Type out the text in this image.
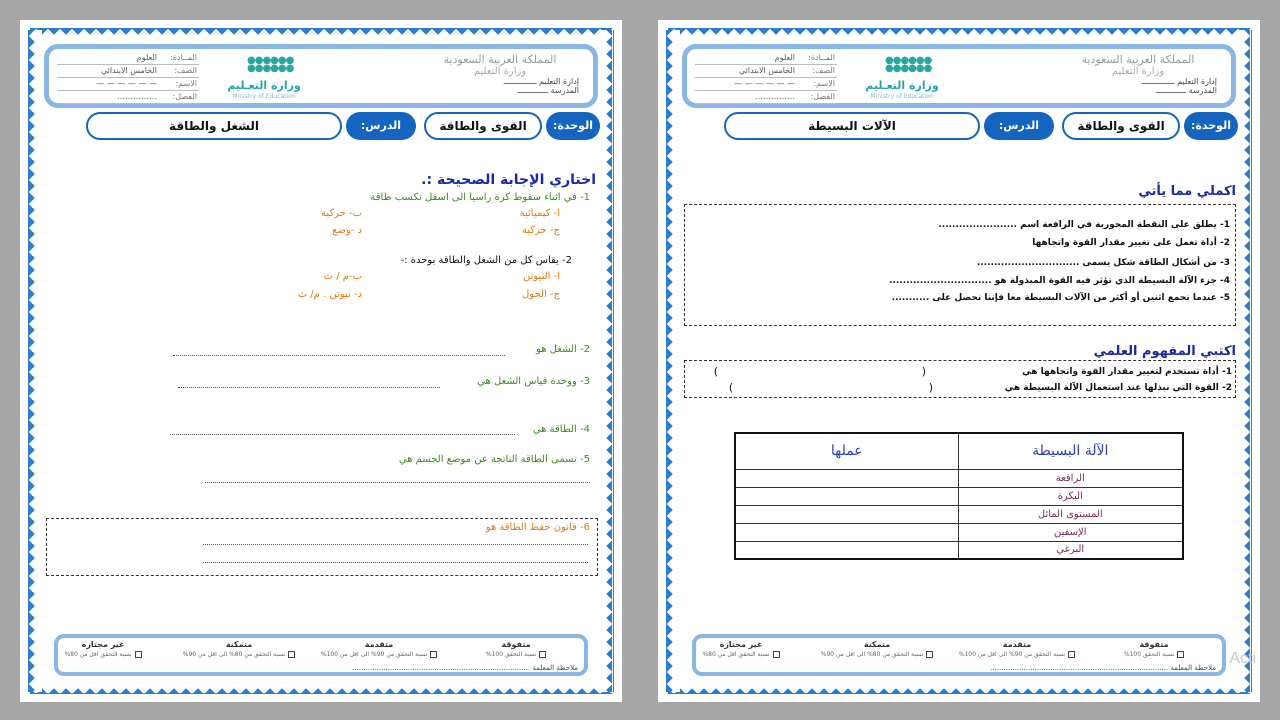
المــادة:	العلوم
الصف:	الخامس الابتدائي
الاسم:	— — — — — —
الفصل:	……………
●●●●●●
●●●●●●
وزارة التعـليم
Ministry of Education
المملكة العربية السعودية
وزارة التعليم
إدارة التعليم ــــــــــــــ
المدرسة ـــــــــــــ
الوحدة:
القوى والطاقة
الدرس:
الشغل والطاقة
اختاري الإجابة الصحيحة :.
1- في اثناء سقوط كرة راسيا الى اسفل تكسب طاقة
ا- كيميائية
ب- حركية
ج- حركية
د -وضع
2- يقاس كل من الشغل والطاقة بوحدة :-
ا- النيوتن
ب-م / ث
ج- الجول
د- نيوتن . م/ ث
2- الشغل هو
3- ووحدة قياس الشغل هي
4- الطاقة هي
5- تسمى الطاقة الناتجة عن موضع الجسم هي
6- قانون حفظ الطاقة هو
متفوقة
نسبة التحقق 100%
متقدمة
نسبة التحقق من 90% الى اقل من 100%
متمكنة
نسبة التحقق من 80% الى اقل من 90%
غير مجتازة
نسبة التحقق اقل من 80%
ملاحظة المعلمة ................................................................................
المــادة:	العلوم
الصف:	الخامس الابتدائي
الاسم:	— — — — — —
الفصل:	……………
●●●●●●
●●●●●●
وزارة التعـليم
Ministry of Education
المملكة العربية السعودية
وزارة التعليم
إدارة التعليم ــــــــــــــ
المدرسة ـــــــــــــ
الوحدة:
القوى والطاقة
الدرس:
الآلات البسيطة
اكملي مما يأتي
1- يطلق على النقطة المحورية في الرافعة اسم .......................
2- أداة تعمل على تغيير مقدار القوة واتجاهها
3- من أشكال الطاقة شكل يسمى ..............................
4- جزء الآلة البسيطة الذي تؤثر فيه القوة المبذولة هو ..............................
5- عندما نجمع اثنين أو أكثر من الآلات البسيطة معا فإننا نحصل على ...........
اكتبي المفهوم العلمي
1- أداة تستخدم لتغيير مقدار القوة واتجاهها هي
(
)
2- القوة التي نبذلها عند استعمال الآلة البسيطة هي
(
)
الآلة البسيطة	عملها
الرافعة	
البكرة	
المستوى المائل	
الإسفين	
البرغي	
متفوقة
نسبة التحقق 100%
متقدمة
نسبة التحقق من 90% الى اقل من 100%
متمكنة
نسبة التحقق من 80% الى اقل من 90%
غير مجتازة
نسبة التحقق اقل من 80%
ملاحظة المعلمة ................................................................................
Acti
